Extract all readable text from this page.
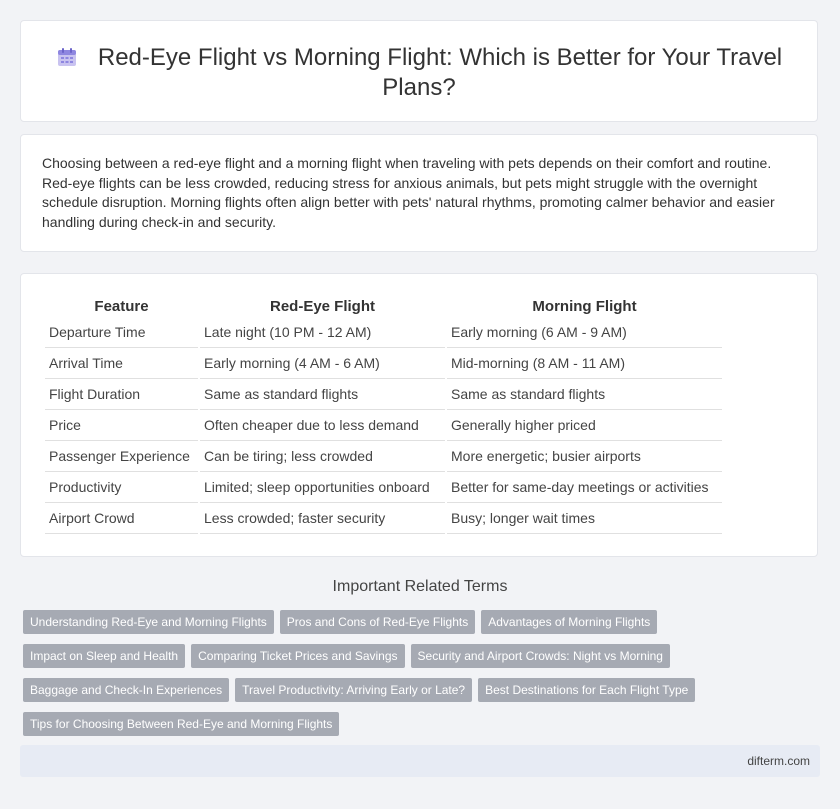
Red-Eye Flight vs Morning Flight: Which is Better for Your Travel Plans?

Choosing between a red-eye flight and a morning flight when traveling with pets depends on their comfort and routine. Red-eye flights can be less crowded, reducing stress for anxious animals, but pets might struggle with the overnight schedule disruption. Morning flights often align better with pets' natural rhythms, promoting calmer behavior and easier handling during check-in and security.

Feature	Red-Eye Flight	Morning Flight
Departure Time	Late night (10 PM - 12 AM)	Early morning (6 AM - 9 AM)
Arrival Time	Early morning (4 AM - 6 AM)	Mid-morning (8 AM - 11 AM)
Flight Duration	Same as standard flights	Same as standard flights
Price	Often cheaper due to less demand	Generally higher priced
Passenger Experience	Can be tiring; less crowded	More energetic; busier airports
Productivity	Limited; sleep opportunities onboard	Better for same-day meetings or activities
Airport Crowd	Less crowded; faster security	Busy; longer wait times
Important Related Terms
Understanding Red-Eye and Morning Flights Pros and Cons of Red-Eye Flights Advantages of Morning Flights
Impact on Sleep and Health Comparing Ticket Prices and Savings Security and Airport Crowds: Night vs Morning
Baggage and Check-In Experiences Travel Productivity: Arriving Early or Late? Best Destinations for Each Flight Type
Tips for Choosing Between Red-Eye and Morning Flights
difterm.com
